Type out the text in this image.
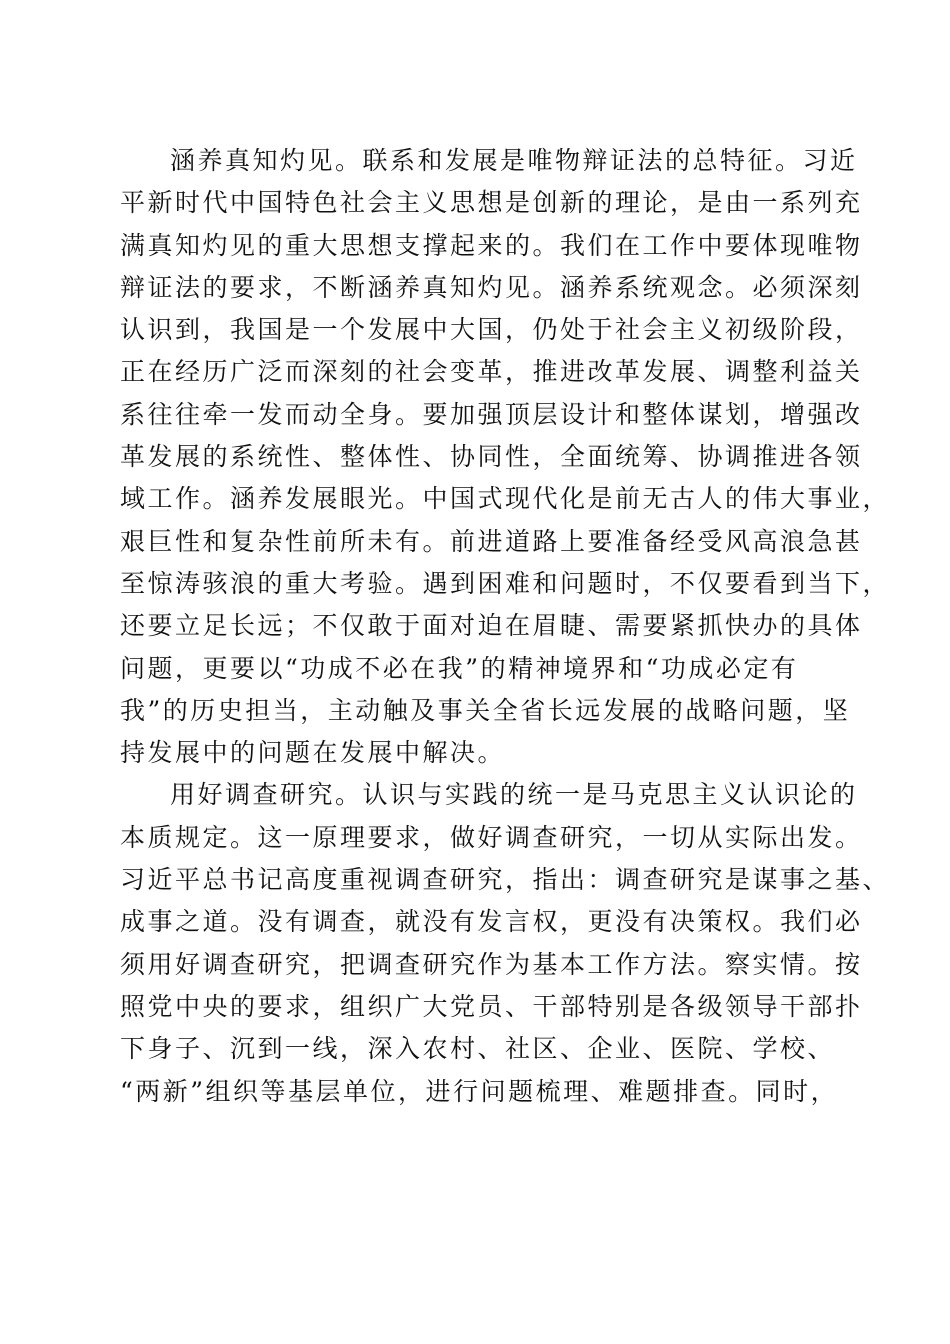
涵养真知灼见。联系和发展是唯物辩证法的总特征。习近
平新时代中国特色社会主义思想是创新的理论，是由一系列充
满真知灼见的重大思想支撑起来的。我们在工作中要体现唯物
辩证法的要求，不断涵养真知灼见。涵养系统观念。必须深刻
认识到，我国是一个发展中大国，仍处于社会主义初级阶段，
正在经历广泛而深刻的社会变革，推进改革发展、调整利益关
系往往牵一发而动全身。要加强顶层设计和整体谋划，增强改
革发展的系统性、整体性、协同性，全面统筹、协调推进各领
域工作。涵养发展眼光。中国式现代化是前无古人的伟大事业，
艰巨性和复杂性前所未有。前进道路上要准备经受风高浪急甚
至惊涛骇浪的重大考验。遇到困难和问题时，不仅要看到当下，
还要立足长远；不仅敢于面对迫在眉睫、需要紧抓快办的具体
问题，更要以“功成不必在我”的精神境界和“功成必定有
我”的历史担当，主动触及事关全省长远发展的战略问题，坚
持发展中的问题在发展中解决。
用好调查研究。认识与实践的统一是马克思主义认识论的
本质规定。这一原理要求，做好调查研究，一切从实际出发。
习近平总书记高度重视调查研究，指出：调查研究是谋事之基、
成事之道。没有调查，就没有发言权，更没有决策权。我们必
须用好调查研究，把调查研究作为基本工作方法。察实情。按
照党中央的要求，组织广大党员、干部特别是各级领导干部扑
下身子、沉到一线，深入农村、社区、企业、医院、学校、
“两新”组织等基层单位，进行问题梳理、难题排查。同时，
